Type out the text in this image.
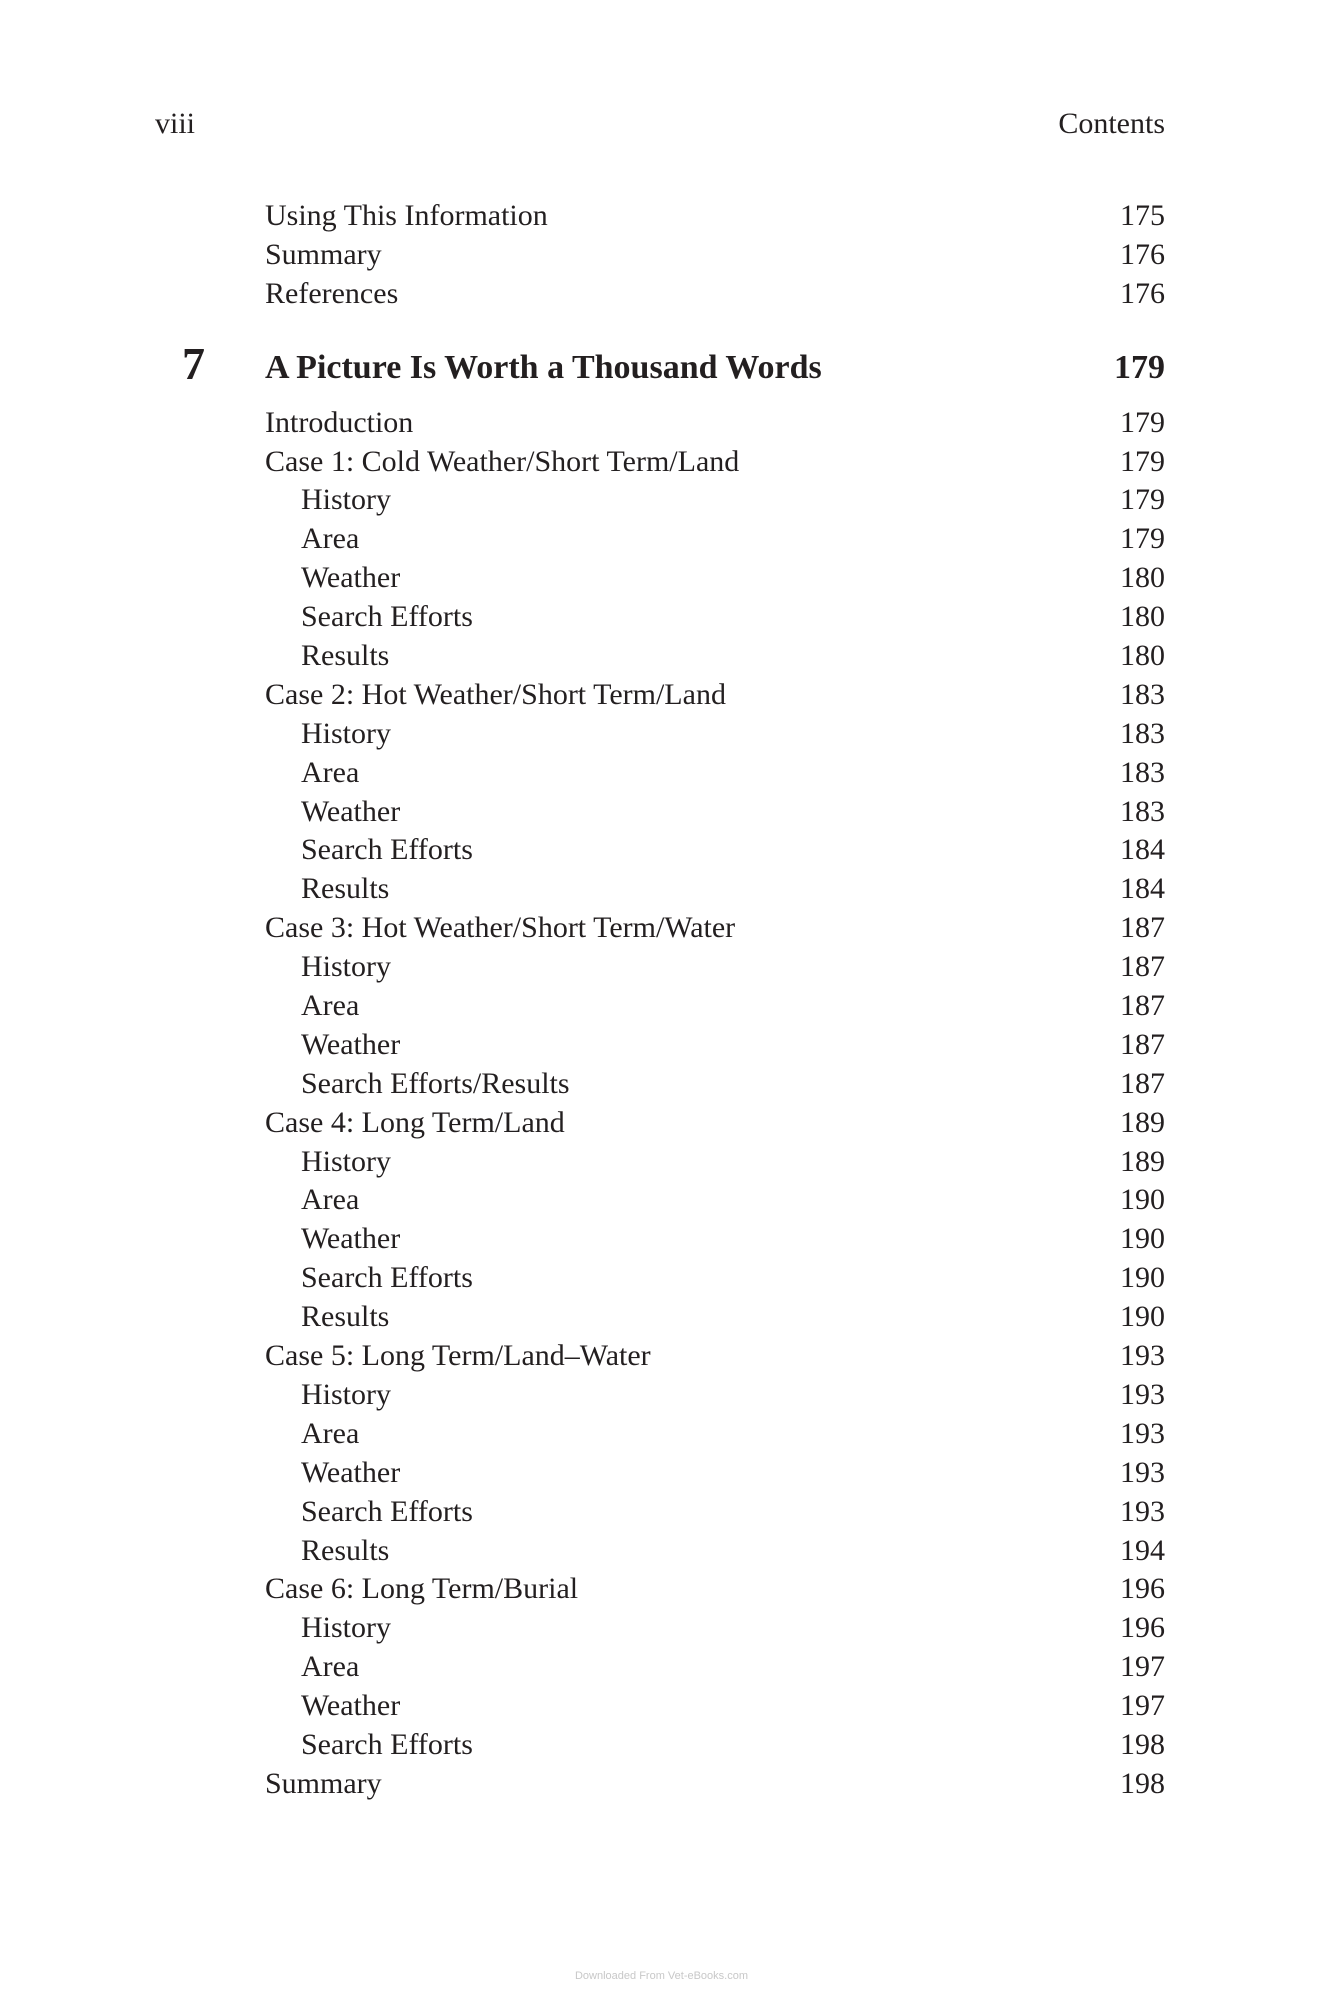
viii	Contents
Using This Information	175
Summary	176
References	176
7 A Picture Is Worth a Thousand Words	179
Introduction	179
Case 1: Cold Weather/Short Term/Land	179
History	179
Area	179
Weather	180
Search Efforts	180
Results	180
Case 2: Hot Weather/Short Term/Land	183
History	183
Area	183
Weather	183
Search Efforts	184
Results	184
Case 3: Hot Weather/Short Term/Water	187
History	187
Area	187
Weather	187
Search Efforts/Results	187
Case 4: Long Term/Land	189
History	189
Area	190
Weather	190
Search Efforts	190
Results	190
Case 5: Long Term/Land–Water	193
History	193
Area	193
Weather	193
Search Efforts	193
Results	194
Case 6: Long Term/Burial	196
History	196
Area	197
Weather	197
Search Efforts	198
Summary	198
Downloaded From Vet-eBooks.com
